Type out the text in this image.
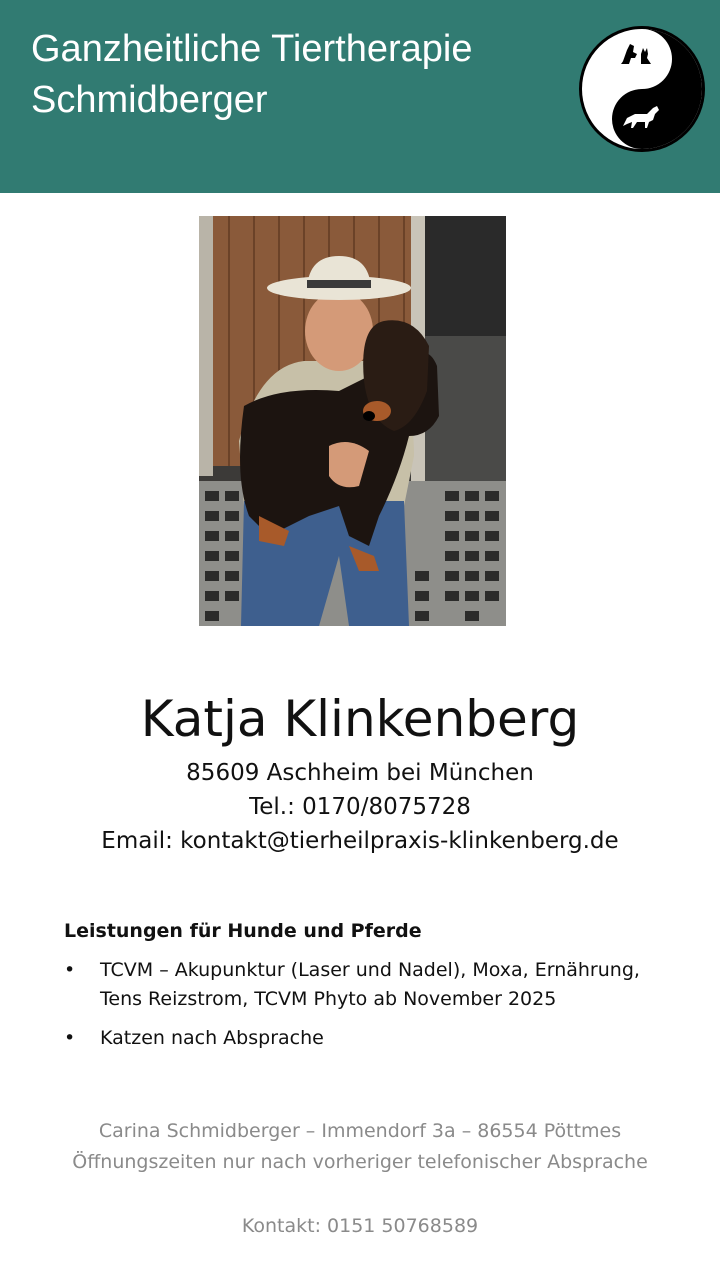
Ganzheitliche Tiertherapie
Schmidberger
Katja Klinkenberg
85609 Aschheim bei München
Tel.: 0170/8075728
Email: kontakt@tierheilpraxis-klinkenberg.de
Leistungen für Hunde und Pferde
• TCVM – Akupunktur (Laser und Nadel), Moxa, Ernährung, Tens Reizstrom, TCVM Phyto ab November 2025
• Katzen nach Absprache
Carina Schmidberger – Immendorf 3a – 86554 Pöttmes
Öffnungszeiten nur nach vorheriger telefonischer Absprache
Kontakt: 0151 50768589
